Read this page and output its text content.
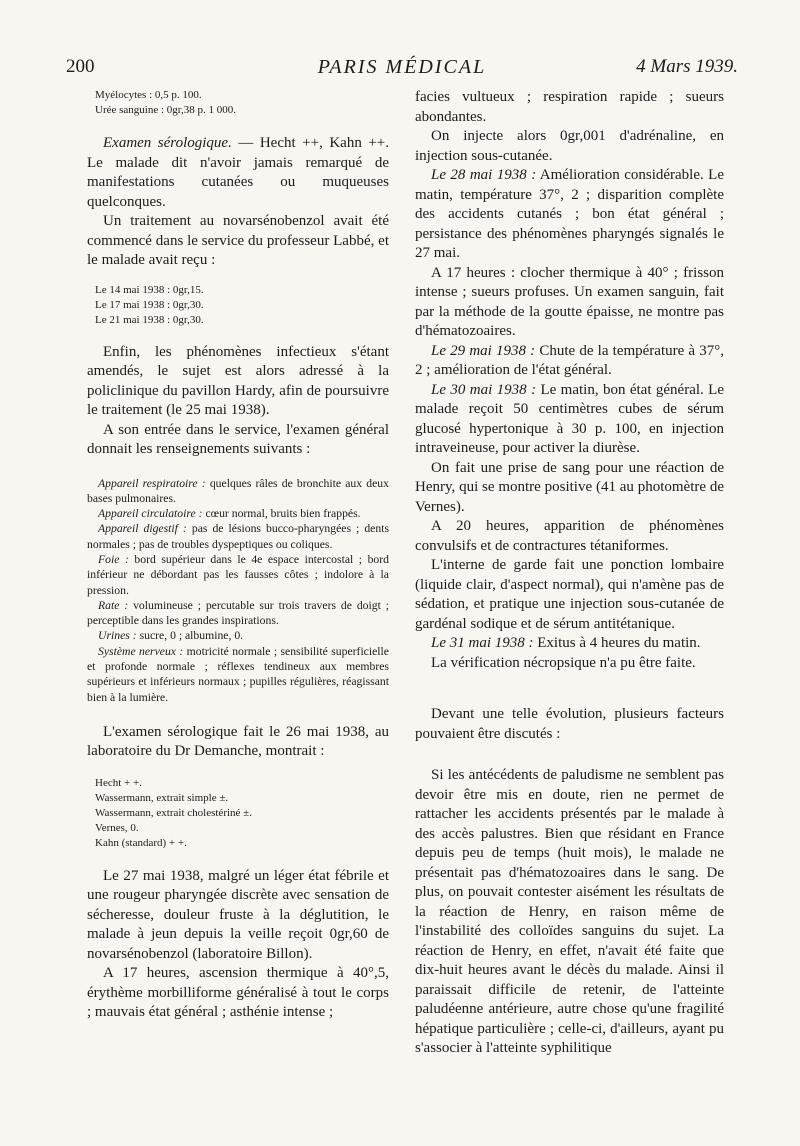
200	PARIS MÉDICAL	4 Mars 1939.

Myélocytes : 0,5 p. 100.

Urée sanguine : 0gr,38 p. 1 000.

Examen sérologique. — Hecht ++, Kahn ++. Le malade dit n'avoir jamais remarqué de manifestations cutanées ou muqueuses quelconques.

Un traitement au novarsénobenzol avait été commencé dans le service du professeur Labbé, et le malade avait reçu :

Le 14 mai 1938 : 0gr,15.

Le 17 mai 1938 : 0gr,30.

Le 21 mai 1938 : 0gr,30.

Enfin, les phénomènes infectieux s'étant amendés, le sujet est alors adressé à la policlinique du pavillon Hardy, afin de poursuivre le traitement (le 25 mai 1938).

A son entrée dans le service, l'examen général donnait les renseignements suivants :

Appareil respiratoire : quelques râles de bronchite aux deux bases pulmonaires.

Appareil circulatoire : cœur normal, bruits bien frappés.

Appareil digestif : pas de lésions bucco-pharyngées ; dents normales ; pas de troubles dyspeptiques ou coliques.

Foie : bord supérieur dans le 4e espace intercostal ; bord inférieur ne débordant pas les fausses côtes ; indolore à la pression.

Rate : volumineuse ; percutable sur trois travers de doigt ; perceptible dans les grandes inspirations.

Urines : sucre, 0 ; albumine, 0.

Système nerveux : motricité normale ; sensibilité superficielle et profonde normale ; réflexes tendineux aux membres supérieurs et inférieurs normaux ; pupilles régulières, réagissant bien à la lumière.

L'examen sérologique fait le 26 mai 1938, au laboratoire du Dr Demanche, montrait :

Hecht + +.

Wassermann, extrait simple ±.

Wassermann, extrait cholestériné ±.

Vernes, 0.

Kahn (standard) + +.

Le 27 mai 1938, malgré un léger état fébrile et une rougeur pharyngée discrète avec sensation de sécheresse, douleur fruste à la déglutition, le malade à jeun depuis la veille reçoit 0gr,60 de novarsénobenzol (laboratoire Billon).

A 17 heures, ascension thermique à 40°,5, érythème morbilliforme généralisé à tout le corps ; mauvais état général ; asthénie intense ;

facies vultueux ; respiration rapide ; sueurs abondantes.

On injecte alors 0gr,001 d'adrénaline, en injection sous-cutanée.

Le 28 mai 1938 : Amélioration considérable. Le matin, température 37°, 2 ; disparition complète des accidents cutanés ; bon état général ; persistance des phénomènes pharyngés signalés le 27 mai.

A 17 heures : clocher thermique à 40° ; frisson intense ; sueurs profuses. Un examen sanguin, fait par la méthode de la goutte épaisse, ne montre pas d'hématozoaires.

Le 29 mai 1938 : Chute de la température à 37°, 2 ; amélioration de l'état général.

Le 30 mai 1938 : Le matin, bon état général. Le malade reçoit 50 centimètres cubes de sérum glucosé hypertonique à 30 p. 100, en injection intraveineuse, pour activer la diurèse.

On fait une prise de sang pour une réaction de Henry, qui se montre positive (41 au photomètre de Vernes).

A 20 heures, apparition de phénomènes convulsifs et de contractures tétaniformes.

L'interne de garde fait une ponction lombaire (liquide clair, d'aspect normal), qui n'amène pas de sédation, et pratique une injection sous-cutanée de gardénal sodique et de sérum antitétanique.

Le 31 mai 1938 : Exitus à 4 heures du matin.

La vérification nécropsique n'a pu être faite.

Devant une telle évolution, plusieurs facteurs pouvaient être discutés :

Si les antécédents de paludisme ne semblent pas devoir être mis en doute, rien ne permet de rattacher les accidents présentés par le malade à des accès palustres. Bien que résidant en France depuis peu de temps (huit mois), le malade ne présentait pas d'hématozoaires dans le sang. De plus, on pouvait contester aisément les résultats de la réaction de Henry, en raison même de l'instabilité des colloïdes sanguins du sujet. La réaction de Henry, en effet, n'avait été faite que dix-huit heures avant le décès du malade. Ainsi il paraissait difficile de retenir, de l'atteinte paludéenne antérieure, autre chose qu'une fragilité hépatique particulière ; celle-ci, d'ailleurs, ayant pu s'associer à l'atteinte syphilitique
